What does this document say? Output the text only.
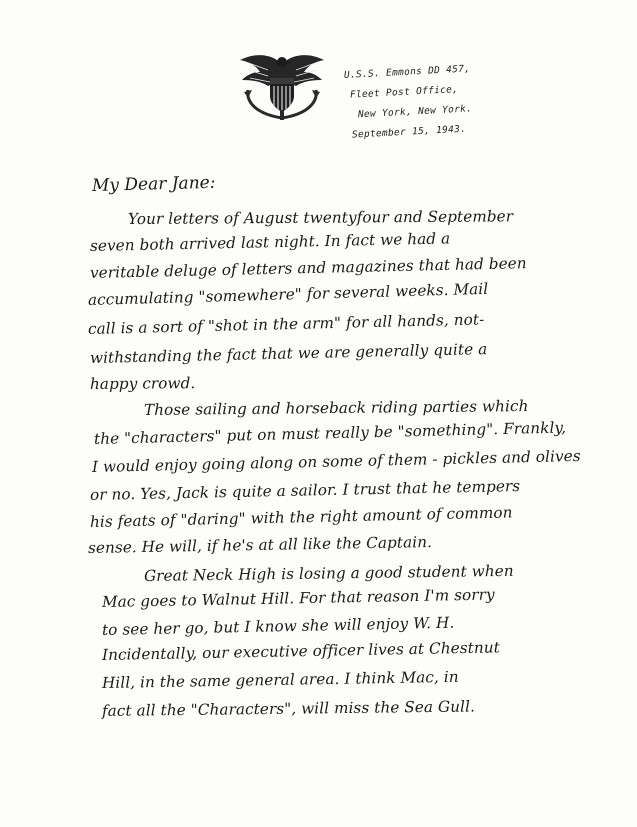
U.S.S. Emmons DD 457,
Fleet Post Office,
New York, New York.
September 15, 1943.
My Dear Jane:
Your letters of August twentyfour and September
seven both arrived last night. In fact we had a
veritable deluge of letters and magazines that had been
accumulating "somewhere" for several weeks. Mail
call is a sort of "shot in the arm" for all hands, not-
withstanding the fact that we are generally quite a
happy crowd.
Those sailing and horseback riding parties which
the "characters" put on must really be "something". Frankly,
I would enjoy going along on some of them - pickles and olives
or no. Yes, Jack is quite a sailor. I trust that he tempers
his feats of "daring" with the right amount of common
sense. He will, if he's at all like the Captain.
Great Neck High is losing a good student when
Mac goes to Walnut Hill. For that reason I'm sorry
to see her go, but I know she will enjoy W. H.
Incidentally, our executive officer lives at Chestnut
Hill, in the same general area. I think Mac, in
fact all the "Characters", will miss the Sea Gull.
